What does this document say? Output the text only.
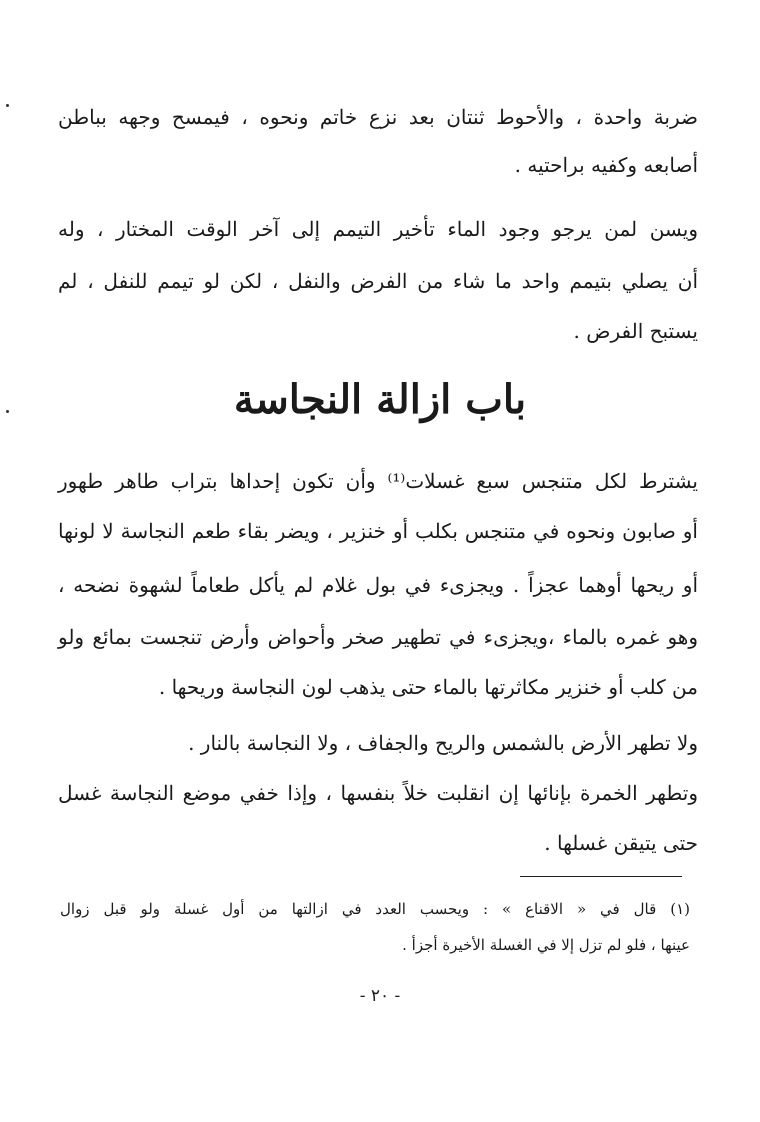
ضربة واحدة ، والأحوط ثنتان بعد نزع خاتم ونحوه ، فيمسح وجهه بباطن
أصابعه وكفيه براحتيه .
ويسن لمن يرجو وجود الماء تأخير التيمم إلى آخر الوقت المختار ، وله
أن يصلي بتيمم واحد ما شاء من الفرض والنفل ، لكن لو تيمم للنفل ، لم
يستبح الفرض .
باب ازالة النجاسة
يشترط لكل متنجس سبع غسلات⁽¹⁾ وأن تكون إحداها بتراب طاهر طهور
أو صابون ونحوه في متنجس بكلب أو خنزير ، ويضر بقاء طعم النجاسة لا لونها
أو ريحها أوهما عجزاً . ويجزىء في بول غلام لم يأكل طعاماً لشهوة نضحه ،
وهو غمره بالماء ،ويجزىء في تطهير صخر وأحواض وأرض تنجست بمائع ولو
من كلب أو خنزير مكاثرتها بالماء حتى يذهب لون النجاسة وريحها .
ولا تطهر الأرض بالشمس والريح والجفاف ، ولا النجاسة بالنار .
وتطهر الخمرة بإنائها إن انقلبت خلاً بنفسها ، وإذا خفي موضع النجاسة غسل
حتى يتيقن غسلها .
(١) قال في « الاقناع » : ويحسب العدد في ازالتها من أول غسلة ولو قبل زوال
عينها ، فلو لم تزل إلا في الغسلة الأخيرة أجزأ .
- ٢٠ -
